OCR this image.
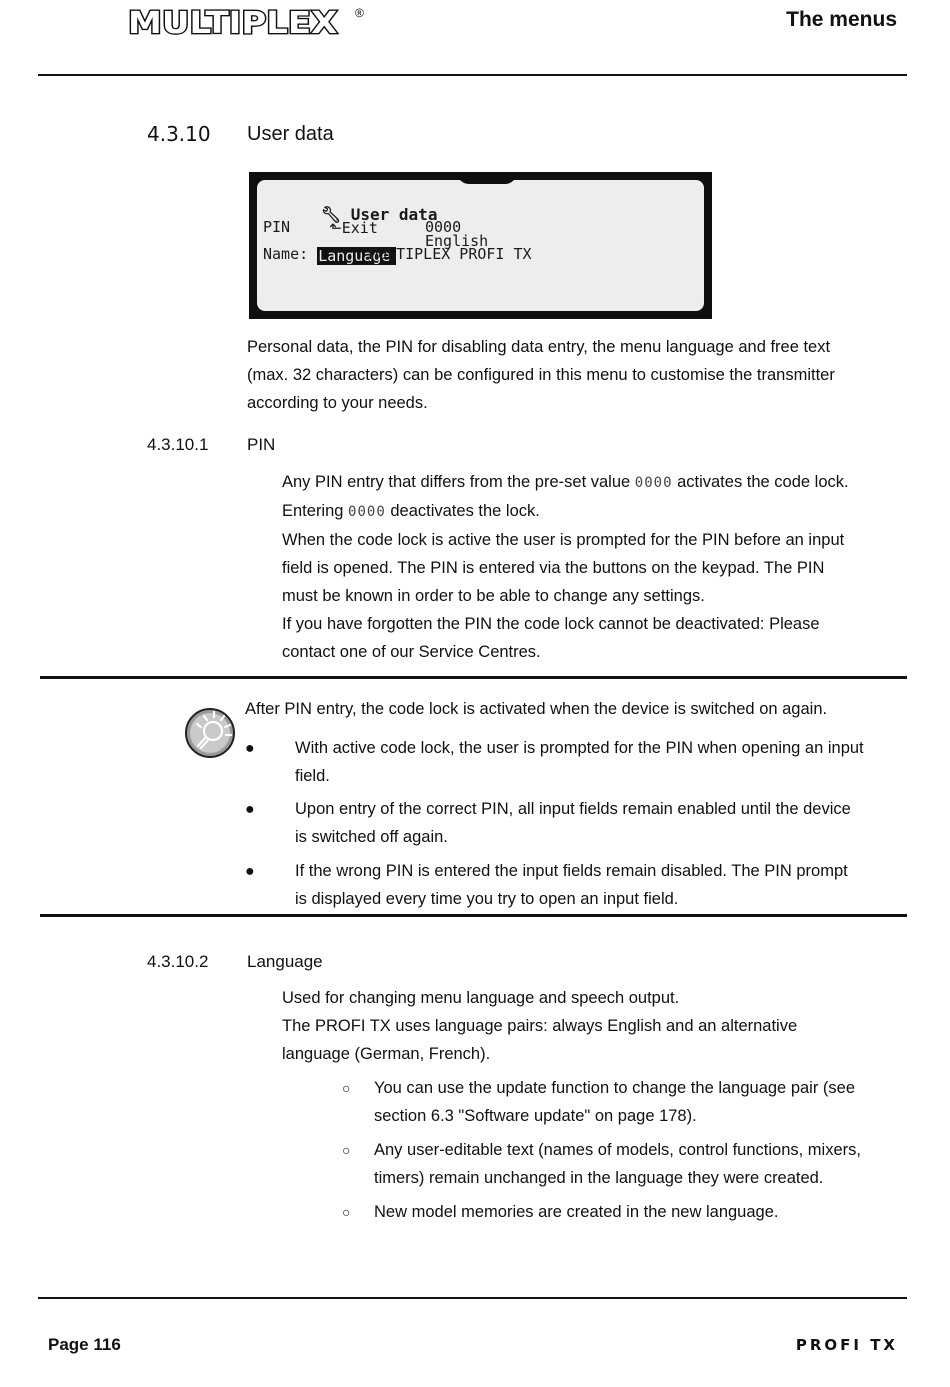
MULTIPLEX ®	The menus
4.3.10 User data

🔧︎ User data

⬑Exit

PIN	0000

Language

English
Name:	MULTIPLEX PROFI TX

Personal data, the PIN for disabling data entry, the menu language and free text

(max. 32 characters) can be configured in this menu to customise the transmitter

according to your needs.

4.3.10.1 PIN

Any PIN entry that differs from the pre-set value 0000 activates the code lock.

Entering 0000 deactivates the lock.

When the code lock is active the user is prompted for the PIN before an input

field is opened. The PIN is entered via the buttons on the keypad. The PIN

must be known in order to be able to change any settings.

If you have forgotten the PIN the code lock cannot be deactivated: Please

contact one of our Service Centres.

After PIN entry, the code lock is activated when the device is switched on again.
● With active code lock, the user is prompted for the PIN when opening an input
field.
● Upon entry of the correct PIN, all input fields remain enabled until the device
is switched off again.
● If the wrong PIN is entered the input fields remain disabled. The PIN prompt
is displayed every time you try to open an input field.
4.3.10.2 Language

Used for changing menu language and speech output.

The PROFI TX uses language pairs: always English and an alternative

language (German, French).

○ You can use the update function to change the language pair (see
section 6.3 "Software update" on page 178).
○ Any user-editable text (names of models, control functions, mixers,
timers) remain unchanged in the language they were created.
○ New model memories are created in the new language.
Page 116	PROFI TX
